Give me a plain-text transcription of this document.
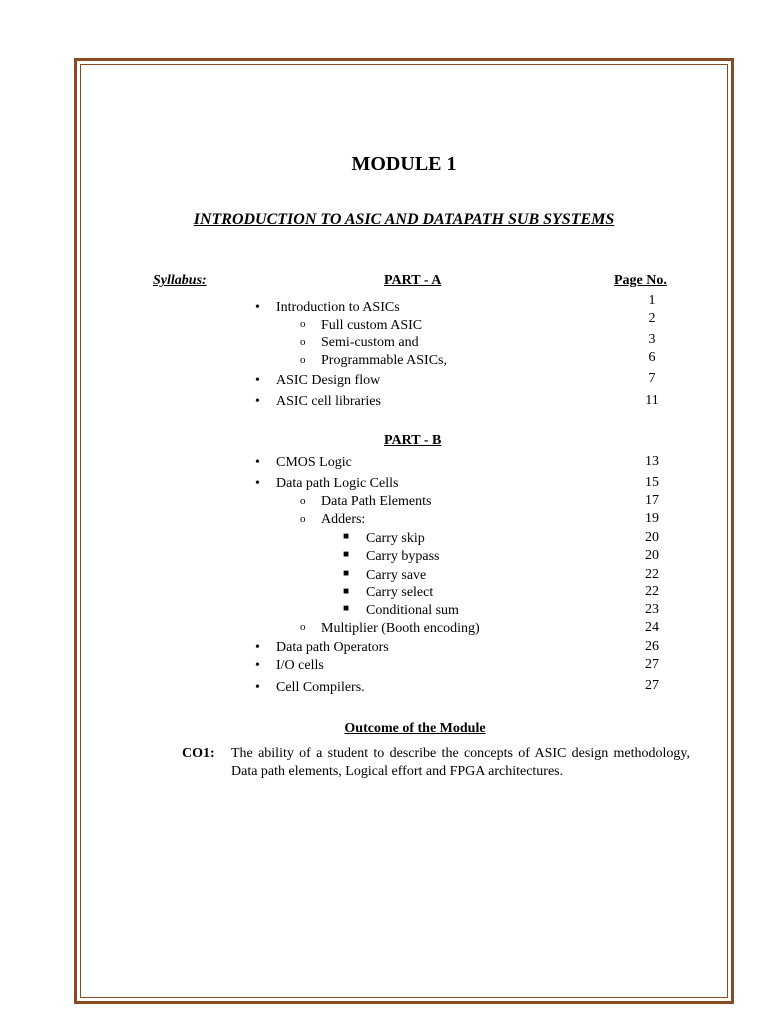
MODULE 1
INTRODUCTION TO ASIC AND DATAPATH SUB SYSTEMS
Syllabus:	PART - A	Page No.
• Introduction to ASICs	1
o Full custom ASIC	2
o Semi-custom and	3
o Programmable ASICs,	6
• ASIC Design flow	7
• ASIC cell libraries	11
PART - B
• CMOS Logic	13
• Data path Logic Cells	15
o Data Path Elements	17
o Adders:	19
■ Carry skip	20
■ Carry bypass	20
■ Carry save	22
■ Carry select	22
■ Conditional sum	23
o Multiplier (Booth encoding)	24
• Data path Operators	26
• I/O cells	27
• Cell Compilers.	27
Outcome of the Module
CO1: The ability of a student to describe the concepts of ASIC design methodology, Data path elements, Logical effort and FPGA architectures.
